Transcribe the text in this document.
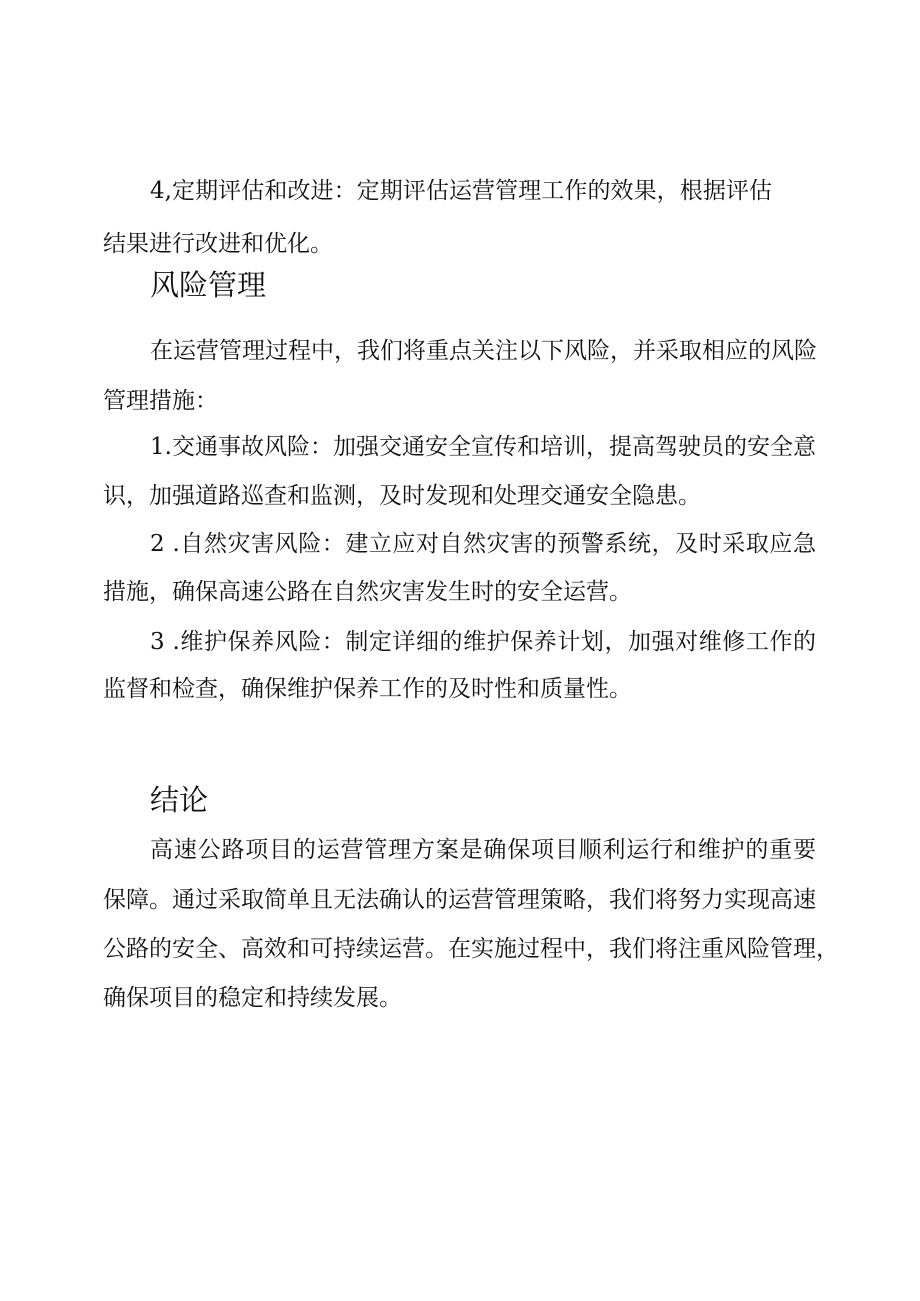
4,定期评估和改进：定期评估运营管理工作的效果，根据评估
结果进行改进和优化。
风险管理
在运营管理过程中，我们将重点关注以下风险，并采取相应的风险
管理措施：
1.交通事故风险：加强交通安全宣传和培训，提高驾驶员的安全意
识，加强道路巡查和监测，及时发现和处理交通安全隐患。
2 .自然灾害风险：建立应对自然灾害的预警系统，及时采取应急
措施，确保高速公路在自然灾害发生时的安全运营。
3 .维护保养风险：制定详细的维护保养计划，加强对维修工作的
监督和检查，确保维护保养工作的及时性和质量性。
结论
高速公路项目的运营管理方案是确保项目顺利运行和维护的重要
保障。通过采取简单且无法确认的运营管理策略，我们将努力实现高速
公路的安全、高效和可持续运营。在实施过程中，我们将注重风险管理，
确保项目的稳定和持续发展。
